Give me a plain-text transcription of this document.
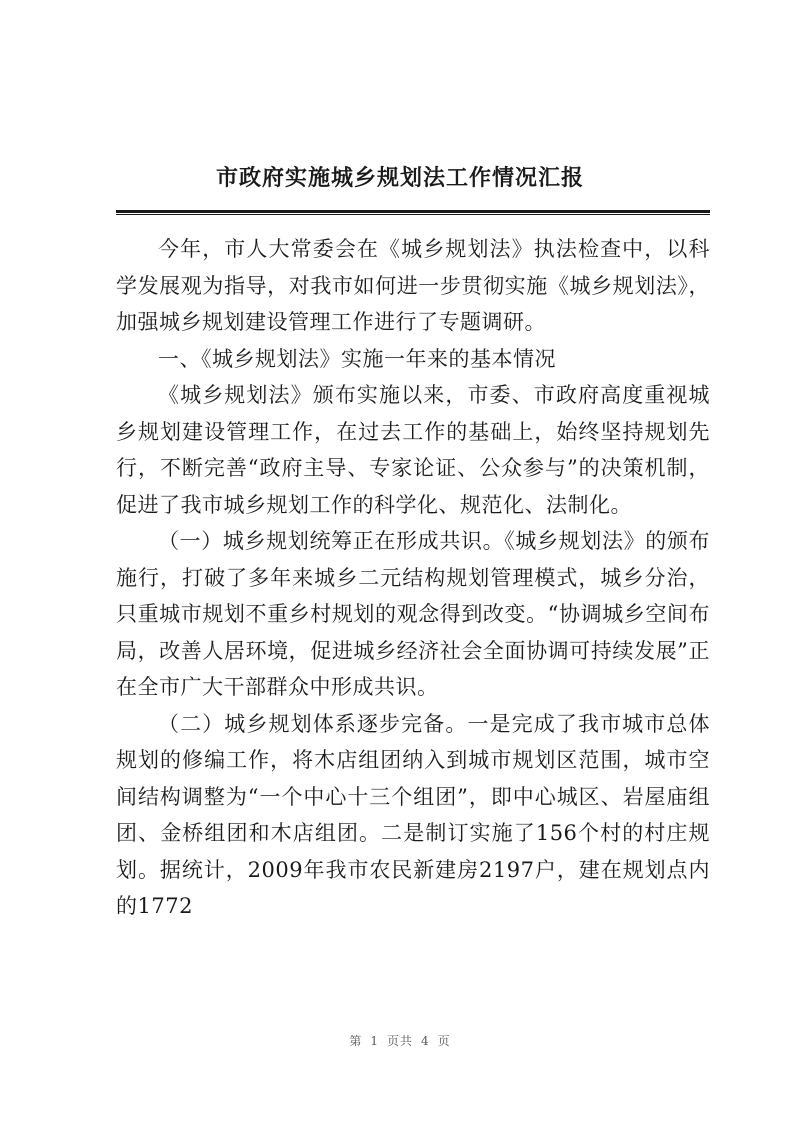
市政府实施城乡规划法工作情况汇报

今年，市人大常委会在《城乡规划法》执法检查中，以科学发展观为指导，对我市如何进一步贯彻实施《城乡规划法》，加强城乡规划建设管理工作进行了专题调研。

一、《城乡规划法》实施一年来的基本情况

《城乡规划法》颁布实施以来，市委、市政府高度重视城乡规划建设管理工作，在过去工作的基础上，始终坚持规划先行，不断完善“政府主导、专家论证、公众参与”的决策机制，促进了我市城乡规划工作的科学化、规范化、法制化。

（一）城乡规划统筹正在形成共识。《城乡规划法》的颁布施行，打破了多年来城乡二元结构规划管理模式，城乡分治，只重城市规划不重乡村规划的观念得到改变。“协调城乡空间布局，改善人居环境，促进城乡经济社会全面协调可持续发展”正在全市广大干部群众中形成共识。

（二）城乡规划体系逐步完备。一是完成了我市城市总体规划的修编工作，将木店组团纳入到城市规划区范围，城市空间结构调整为“一个中心十三个组团”，即中心城区、岩屋庙组团、金桥组团和木店组团。二是制订实施了156个村的村庄规划。据统计，2009年我市农民新建房2197户，建在规划点内的1772

第 1 页共 4 页
